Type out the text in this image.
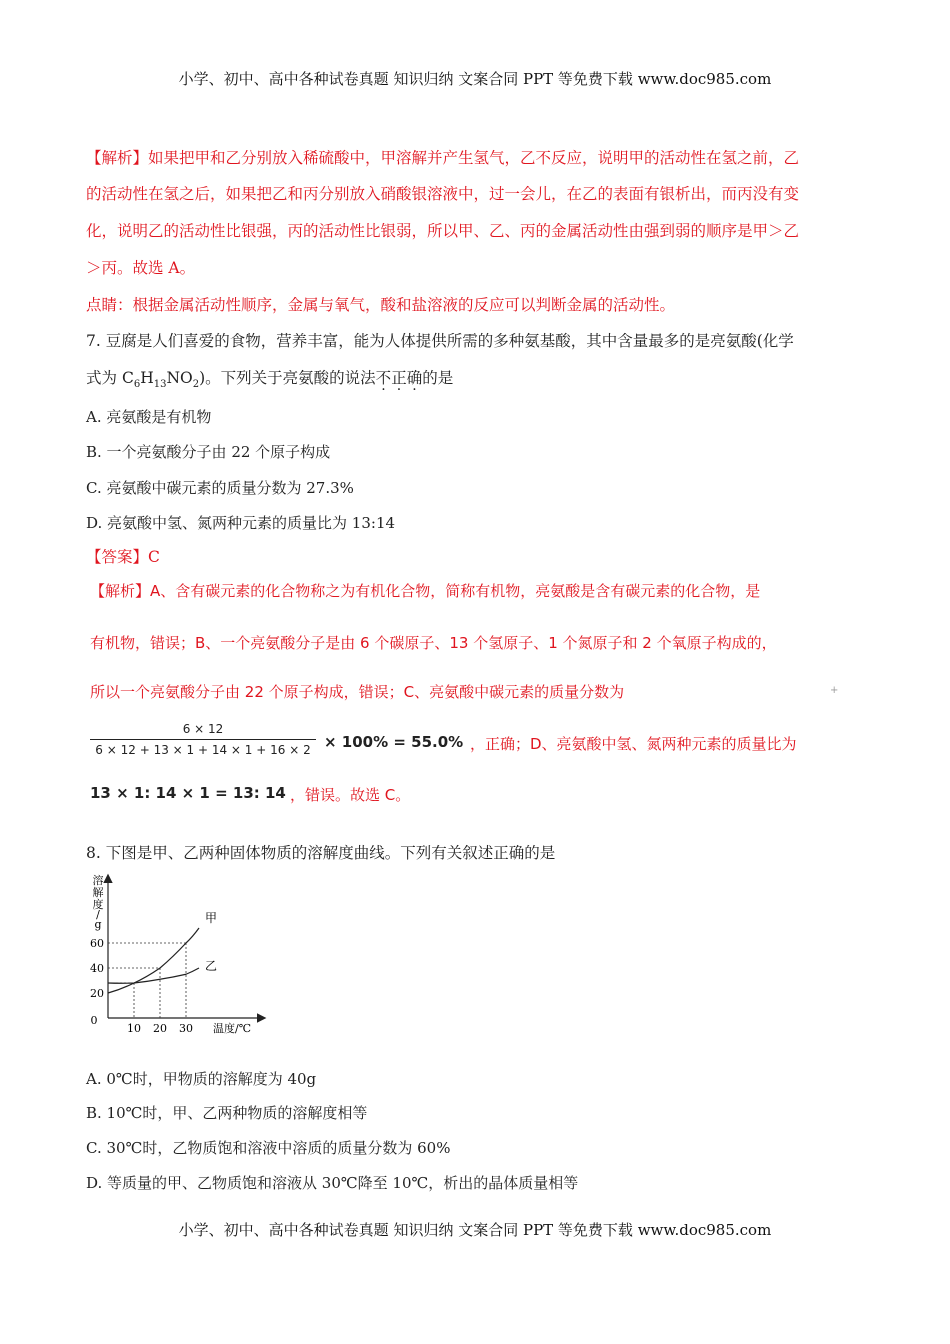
小学、初中、高中各种试卷真题 知识归纳 文案合同 PPT 等免费下载 www.doc985.com
【解析】如果把甲和乙分别放入稀硫酸中，甲溶解并产生氢气，乙不反应，说明甲的活动性在氢之前，乙
的活动性在氢之后，如果把乙和丙分别放入硝酸银溶液中，过一会儿，在乙的表面有银析出，而丙没有变
化，说明乙的活动性比银强，丙的活动性比银弱，所以甲、乙、丙的金属活动性由强到弱的顺序是甲＞乙
＞丙。故选 A。
点睛：根据金属活动性顺序，金属与氧气，酸和盐溶液的反应可以判断金属的活动性。
7. 豆腐是人们喜爱的食物，营养丰富，能为人体提供所需的多种氨基酸，其中含量最多的是亮氨酸(化学
式为 $C_6H_{13}NO_2$)。下列关于亮氨酸的说法不正确的是
A. 亮氨酸是有机物
B. 一个亮氨酸分子由 22 个原子构成
C. 亮氨酸中碳元素的质量分数为 27.3%
D. 亮氨酸中氢、氮两种元素的质量比为 13:14
【答案】C
【解析】A、含有碳元素的化合物称之为有机化合物，简称有机物，亮氨酸是含有碳元素的化合物，是
有机物，错误；B、一个亮氨酸分子是由 6 个碳原子、13 个氢原子、1 个氮原子和 2 个氧原子构成的，
所以一个亮氨酸分子由 22 个原子构成，错误；C、亮氨酸中碳元素的质量分数为	+
6 × 12
6 × 12 + 13 × 1 + 14 × 1 + 16 × 2 × 100% = 55.0% ，正确；D、亮氨酸中氢、氮两种元素的质量比为
13 × 1: 14 × 1 = 13: 14 ，错误。故选 C。
8. 下图是甲、乙两种固体物质的溶解度曲线。下列有关叙述正确的是
溶
解
度
/
g	甲
乙
20
40
60
10 20 30
0
温度/℃
A. 0℃时，甲物质的溶解度为 40g
B. 10℃时，甲、乙两种物质的溶解度相等
C. 30℃时，乙物质饱和溶液中溶质的质量分数为 60%
D. 等质量的甲、乙物质饱和溶液从 30℃降至 10℃，析出的晶体质量相等
小学、初中、高中各种试卷真题 知识归纳 文案合同 PPT 等免费下载 www.doc985.com
